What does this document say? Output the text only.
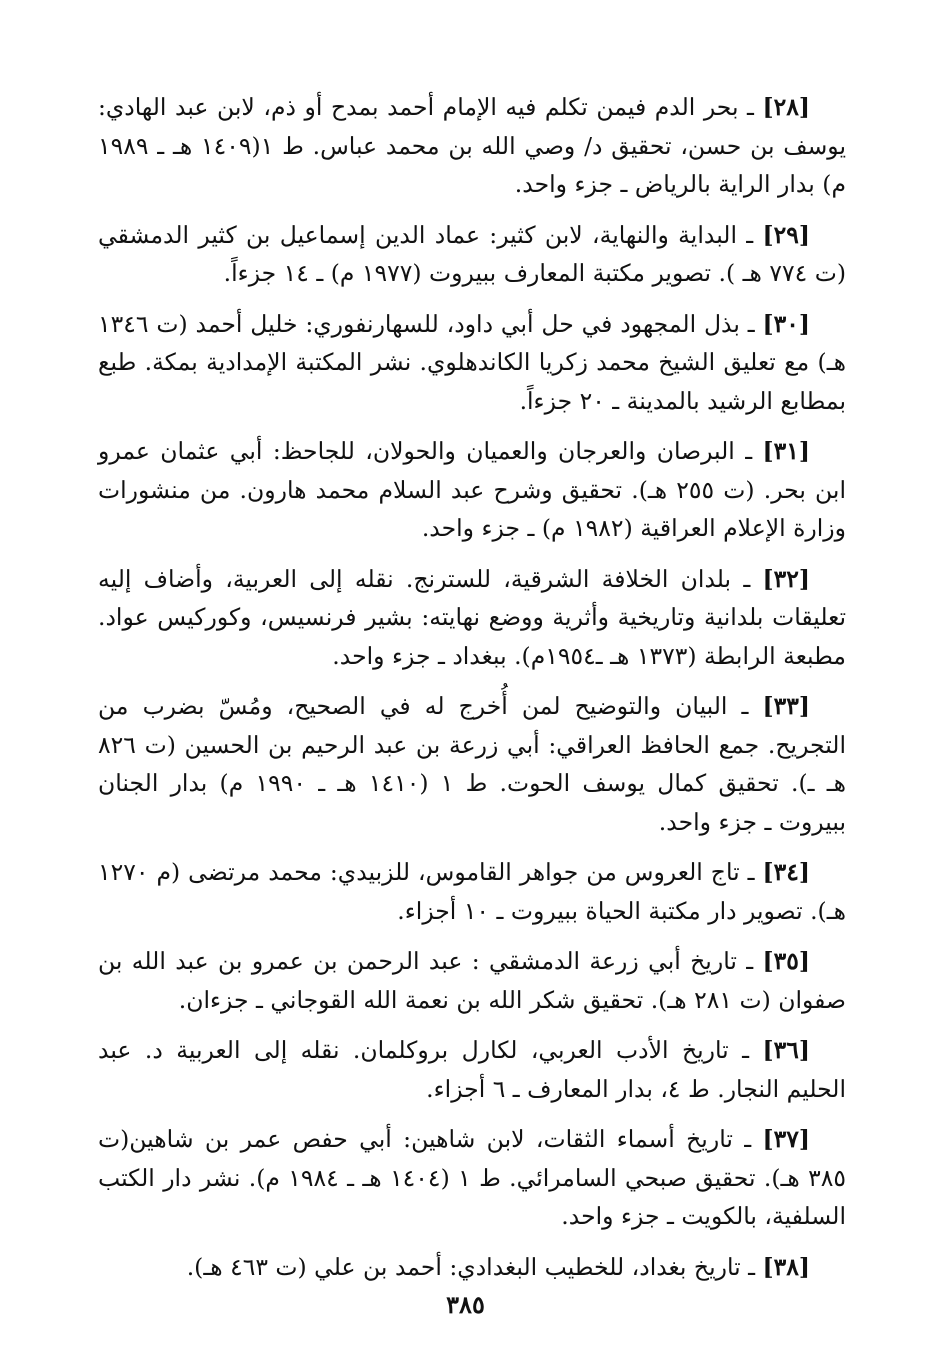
[٢٨] ـ بحر الدم فيمن تكلم فيه الإمام أحمد بمدح أو ذم، لابن عبد الهادي: يوسف بن حسن، تحقيق د/ وصي الله بن محمد عباس. ط ١(١٤٠٩ هـ ـ ١٩٨٩ م) بدار الراية بالرياض ـ جزء واحد.

[٢٩] ـ البداية والنهاية، لابن كثير: عماد الدين إسماعيل بن كثير الدمشقي (ت ٧٧٤ هـ ). تصوير مكتبة المعارف ببيروت (١٩٧٧ م) ـ ١٤ جزءاً.

[٣٠] ـ بذل المجهود في حل أبي داود، للسهارنفوري: خليل أحمد (ت ١٣٤٦ هـ) مع تعليق الشيخ محمد زكريا الكاندهلوي. نشر المكتبة الإمدادية بمكة. طبع بمطابع الرشيد بالمدينة ـ ٢٠ جزءاً.

[٣١] ـ البرصان والعرجان والعميان والحولان، للجاحظ: أبي عثمان عمرو ابن بحر. (ت ٢٥٥ هـ). تحقيق وشرح عبد السلام محمد هارون. من منشورات وزارة الإعلام العراقية (١٩٨٢ م) ـ جزء واحد.

[٣٢] ـ بلدان الخلافة الشرقية، للسترنج. نقله إلى العربية، وأضاف إليه تعليقات بلدانية وتاريخية وأثرية ووضع نهايته: بشير فرنسيس، وكوركيس عواد. مطبعة الرابطة (١٣٧٣ هـ ـ١٩٥٤م). ببغداد ـ جزء واحد.

[٣٣] ـ البيان والتوضيح لمن أُخرج له في الصحيح، ومُسّ بضرب من التجريح. جمع الحافظ العراقي: أبي زرعة بن عبد الرحيم بن الحسين (ت ٨٢٦ هـ ـ). تحقيق كمال يوسف الحوت. ط ١ (١٤١٠ هـ ـ ١٩٩٠ م) بدار الجنان ببيروت ـ جزء واحد.

[٣٤] ـ تاج العروس من جواهر القاموس، للزبيدي: محمد مرتضى (م ١٢٧٠ هـ). تصوير دار مكتبة الحياة ببيروت ـ ١٠ أجزاء.

[٣٥] ـ تاريخ أبي زرعة الدمشقي : عبد الرحمن بن عمرو بن عبد الله بن صفوان (ت ٢٨١ هـ). تحقيق شكر الله بن نعمة الله القوجاني ـ جزءان.

[٣٦] ـ تاريخ الأدب العربي، لكارل بروكلمان. نقله إلى العربية د. عبد الحليم النجار. ط ٤، بدار المعارف ـ ٦ أجزاء.

[٣٧] ـ تاريخ أسماء الثقات، لابن شاهين: أبي حفص عمر بن شاهين(ت ٣٨٥ هـ). تحقيق صبحي السامرائي. ط ١ (١٤٠٤ هـ ـ ١٩٨٤ م). نشر دار الكتب السلفية، بالكويت ـ جزء واحد.

[٣٨] ـ تاريخ بغداد، للخطيب البغدادي: أحمد بن علي (ت ٤٦٣ هـ).

٣٨٥
